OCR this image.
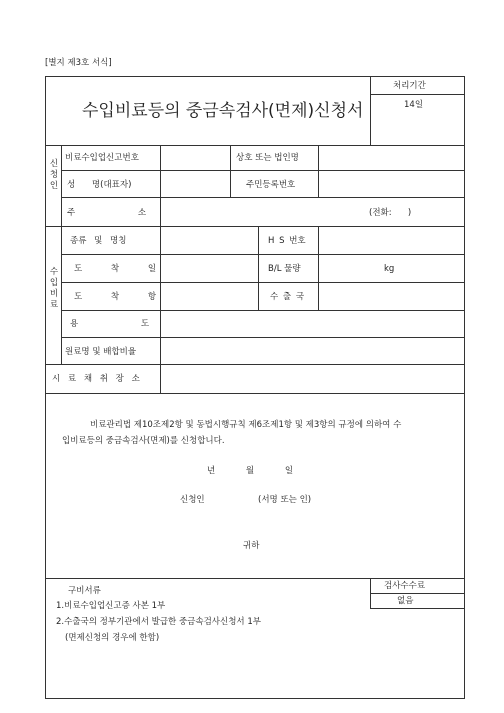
[별지 제3호 서식]
수입비료등의 중금속검사(면제)신청서
처리기간
14일
신청인
비료수입업신고번호	상호 또는 법인명
성 명(대표자)	주민등록번호
주 소	(전화:      )
수입비료
종류 및 명칭	H S 번호
도 착 일	B/L 물량	kg
도 착 항	수 출 국
용 도
원료명 및 배합비율
시 료 채 취 장 소
비료관리법 제10조제2항 및 동법시행규칙 제6조제1항 및 제3항의 규정에 의하여 수
입비료등의 중금속검사(면제)를 신청합니다.
년 월 일
신청인	(서명 또는 인)
귀하
구비서류
1.비료수입업신고증 사본 1부
2.수출국의 정부기관에서 발급한 중금속검사신청서 1부
(면제신청의 경우에 한함)
검사수수료
없음
